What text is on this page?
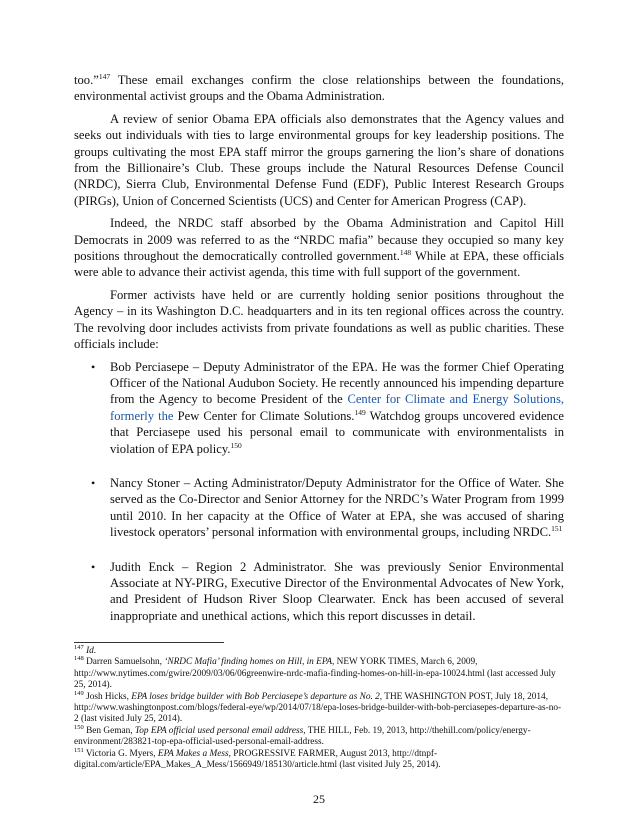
too.”$^{147}$ These email exchanges confirm the close relationships between the foundations, environmental activist groups and the Obama Administration.

A review of senior Obama EPA officials also demonstrates that the Agency values and seeks out individuals with ties to large environmental groups for key leadership positions. The groups cultivating the most EPA staff mirror the groups garnering the lion’s share of donations from the Billionaire’s Club. These groups include the Natural Resources Defense Council (NRDC), Sierra Club, Environmental Defense Fund (EDF), Public Interest Research Groups (PIRGs), Union of Concerned Scientists (UCS) and Center for American Progress (CAP).

Indeed, the NRDC staff absorbed by the Obama Administration and Capitol Hill Democrats in 2009 was referred to as the “NRDC mafia” because they occupied so many key positions throughout the democratically controlled government.$^{148}$ While at EPA, these officials were able to advance their activist agenda, this time with full support of the government.

Former activists have held or are currently holding senior positions throughout the Agency – in its Washington D.C. headquarters and in its ten regional offices across the country. The revolving door includes activists from private foundations as well as public charities. These officials include:

• Bob Perciasepe – Deputy Administrator of the EPA. He was the former Chief Operating Officer of the National Audubon Society. He recently announced his impending departure from the Agency to become President of the Center for Climate and Energy Solutions, formerly the Pew Center for Climate Solutions.$^{149}$ Watchdog groups uncovered evidence that Perciasepe used his personal email to communicate with environmentalists in violation of EPA policy.$^{150}$
• Nancy Stoner – Acting Administrator/Deputy Administrator for the Office of Water. She served as the Co-Director and Senior Attorney for the NRDC’s Water Program from 1999 until 2010. In her capacity at the Office of Water at EPA, she was accused of sharing livestock operators’ personal information with environmental groups, including NRDC.$^{151}$
• Judith Enck – Region 2 Administrator. She was previously Senior Environmental Associate at NY-PIRG, Executive Director of the Environmental Advocates of New York, and President of Hudson River Sloop Clearwater. Enck has been accused of several inappropriate and unethical actions, which this report discusses in detail.

$^{147}$ Id.

$^{148}$ Darren Samuelsohn, ‘NRDC Mafia’ finding homes on Hill, in EPA, NEW YORK TIMES, March 6, 2009, http://www.nytimes.com/gwire/2009/03/06/06greenwire-nrdc-mafia-finding-homes-on-hill-in-epa-10024.html (last accessed July 25, 2014).

$^{149}$ Josh Hicks, EPA loses bridge builder with Bob Perciasepe’s departure as No. 2, THE WASHINGTON POST, July 18, 2014, http://www.washingtonpost.com/blogs/federal-eye/wp/2014/07/18/epa-loses-bridge-builder-with-bob-perciasepes-departure-as-no-2 (last visited July 25, 2014).

$^{150}$ Ben Geman, Top EPA official used personal email address, THE HILL, Feb. 19, 2013, http://thehill.com/policy/energy-environment/283821-top-epa-official-used-personal-email-address.

$^{151}$ Victoria G. Myers, EPA Makes a Mess, PROGRESSIVE FARMER, August 2013, http://dtnpf-digital.com/article/EPA_Makes_A_Mess/1566949/185130/article.html (last visited July 25, 2014).

25
